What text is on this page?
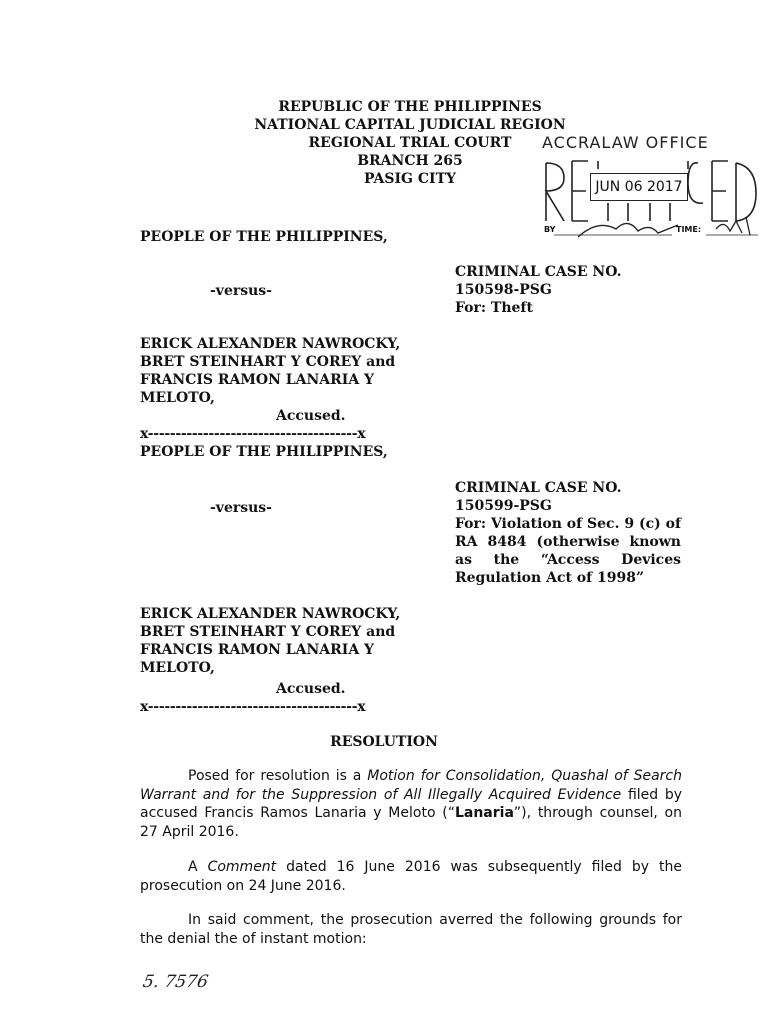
REPUBLIC OF THE PHILIPPINES
NATIONAL CAPITAL JUDICIAL REGION
REGIONAL TRIAL COURT
BRANCH 265
PASIG CITY
ACCRALAW OFFICE
JUN 06 2017
BY	TIME:
PEOPLE OF THE PHILIPPINES,
CRIMINAL CASE NO.
-versus-	150598-PSG
For: Theft
ERICK ALEXANDER NAWROCKY,
BRET STEINHART Y COREY and
FRANCIS RAMON LANARIA Y
MELOTO,
Accused.
x--------------------------------------x
PEOPLE OF THE PHILIPPINES,
CRIMINAL CASE NO.
150599-PSG
For: Violation of Sec. 9 (c) of
RA 8484 (otherwise known
as the “Access Devices
Regulation Act of 1998”
-versus-
ERICK ALEXANDER NAWROCKY,
BRET STEINHART Y COREY and
FRANCIS RAMON LANARIA Y
MELOTO,
Accused.
x--------------------------------------x
RESOLUTION
Posed for resolution is a Motion for Consolidation, Quashal of Search Warrant and for the Suppression of All Illegally Acquired Evidence filed by accused Francis Ramos Lanaria y Meloto (“Lanaria”), through counsel, on 27 April 2016.
A Comment dated 16 June 2016 was subsequently filed by the prosecution on 24 June 2016.
In said comment, the prosecution averred the following grounds for the denial the of instant motion:
5. 7576
